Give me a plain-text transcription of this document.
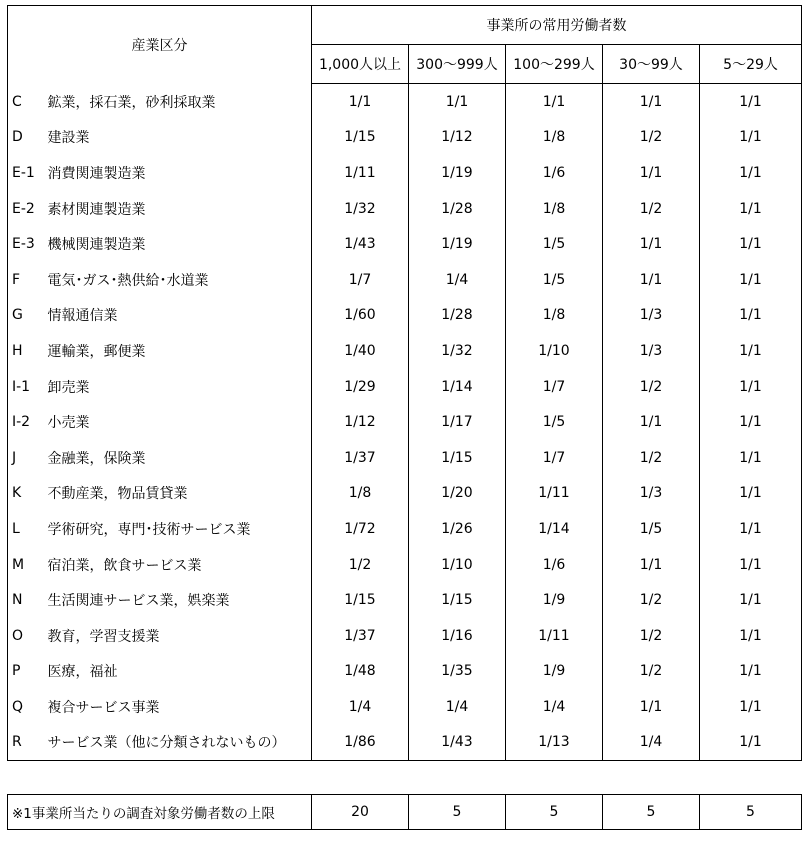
産業区分		事業所の常用労働者数				
		1,000人以上	300～999人	100～299人	30～99人	5～29人
C	鉱業，採石業，砂利採取業	1/1	1/1	1/1	1/1	1/1
D	建設業	1/15	1/12	1/8	1/2	1/1
E-1	消費関連製造業	1/11	1/19	1/6	1/1	1/1
E-2	素材関連製造業	1/32	1/28	1/8	1/2	1/1
E-3	機械関連製造業	1/43	1/19	1/5	1/1	1/1
F	電気･ガス･熱供給･水道業	1/7	1/4	1/5	1/1	1/1
G	情報通信業	1/60	1/28	1/8	1/3	1/1
H	運輸業，郵便業	1/40	1/32	1/10	1/3	1/1
I-1	卸売業	1/29	1/14	1/7	1/2	1/1
I-2	小売業	1/12	1/17	1/5	1/1	1/1
J	金融業，保険業	1/37	1/15	1/7	1/2	1/1
K	不動産業，物品賃貸業	1/8	1/20	1/11	1/3	1/1
L	学術研究，専門･技術サービス業	1/72	1/26	1/14	1/5	1/1
M	宿泊業，飲食サービス業	1/2	1/10	1/6	1/1	1/1
N	生活関連サービス業，娯楽業	1/15	1/15	1/9	1/2	1/1
O	教育，学習支援業	1/37	1/16	1/11	1/2	1/1
P	医療，福祉	1/48	1/35	1/9	1/2	1/1
Q	複合サービス事業	1/4	1/4	1/4	1/1	1/1
R	サービス業（他に分類されないもの）	1/86	1/43	1/13	1/4	1/1
※1事業所当たりの調査対象労働者数の上限	20	5	5	5	5
